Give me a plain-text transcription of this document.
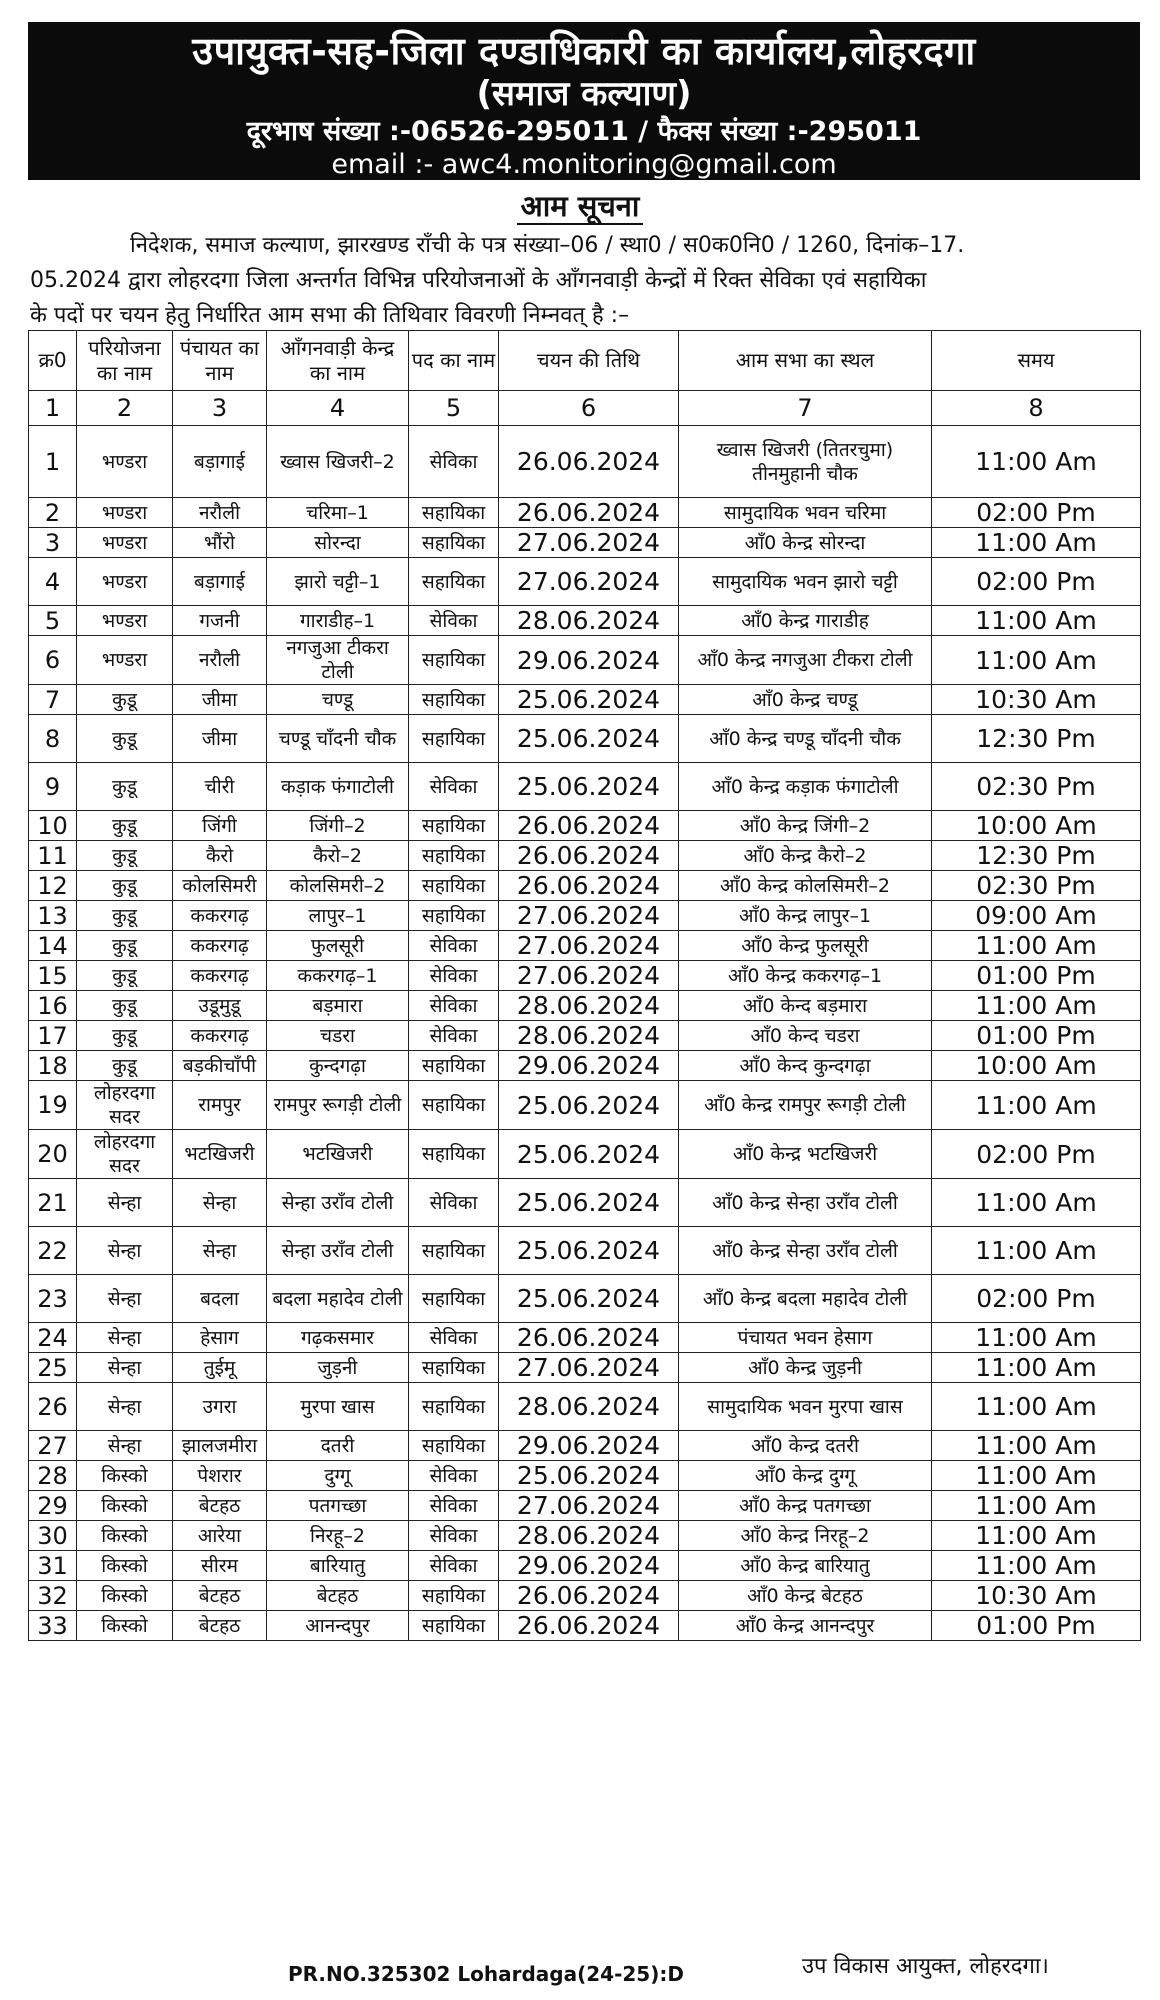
उपायुक्त-सह-जिला दण्डाधिकारी का कार्यालय,लोहरदगा
(समाज कल्याण)
दूरभाष संख्या :-06526-295011 / फैक्स संख्या :-295011
email :- awc4.monitoring@gmail.com
आम सूचना
निदेशक, समाज कल्याण, झारखण्ड राँची के पत्र संख्या–06 / स्था0 / स0क0नि0 / 1260, दिनांक–17.
05.2024 द्वारा लोहरदगा जिला अन्तर्गत विभिन्न परियोजनाओं के आँगनवाड़ी केन्द्रों में रिक्त सेविका एवं सहायिका
के पदों पर चयन हेतु निर्धारित आम सभा की तिथिवार विवरणी निम्नवत् है :–
क्र0	परियोजना का नाम	पंचायत का नाम	आँगनवाड़ी केन्द्र का नाम	पद का नाम	चयन की तिथि	आम सभा का स्थल	समय
1	2	3	4	5	6	7	8
1	भण्डरा	बड़ागाई	ख्वास खिजरी–2	सेविका	26.06.2024	ख्वास खिजरी (तितरचुमा) तीनमुहानी चौक	11:00 Am
2	भण्डरा	नरौली	चरिमा–1	सहायिका	26.06.2024	सामुदायिक भवन चरिमा	02:00 Pm
3	भण्डरा	भौंरो	सोरन्दा	सहायिका	27.06.2024	आँ0 केन्द्र सोरन्दा	11:00 Am
4	भण्डरा	बड़ागाई	झारो चट्टी–1	सहायिका	27.06.2024	सामुदायिक भवन झारो चट्टी	02:00 Pm
5	भण्डरा	गजनी	गाराडीह–1	सेविका	28.06.2024	आँ0 केन्द्र गाराडीह	11:00 Am
6	भण्डरा	नरौली	नगजुआ टीकरा टोली	सहायिका	29.06.2024	आँ0 केन्द्र नगजुआ टीकरा टोली	11:00 Am
7	कुडू	जीमा	चण्डू	सहायिका	25.06.2024	आँ0 केन्द्र चण्डू	10:30 Am
8	कुडू	जीमा	चण्डू चाँदनी चौक	सहायिका	25.06.2024	आँ0 केन्द्र चण्डू चाँदनी चौक	12:30 Pm
9	कुडू	चीरी	कड़ाक फंगाटोली	सेविका	25.06.2024	आँ0 केन्द्र कड़ाक फंगाटोली	02:30 Pm
10	कुडू	जिंगी	जिंगी–2	सहायिका	26.06.2024	आँ0 केन्द्र जिंगी–2	10:00 Am
11	कुडू	कैरो	कैरो–2	सहायिका	26.06.2024	आँ0 केन्द्र कैरो–2	12:30 Pm
12	कुडू	कोलसिमरी	कोलसिमरी–2	सहायिका	26.06.2024	आँ0 केन्द्र कोलसिमरी–2	02:30 Pm
13	कुडू	ककरगढ़	लापुर–1	सहायिका	27.06.2024	आँ0 केन्द्र लापुर–1	09:00 Am
14	कुडू	ककरगढ़	फुलसूरी	सेविका	27.06.2024	आँ0 केन्द्र फुलसूरी	11:00 Am
15	कुडू	ककरगढ़	ककरगढ़–1	सेविका	27.06.2024	आँ0 केन्द्र ककरगढ़–1	01:00 Pm
16	कुडू	उडूमुडू	बड़मारा	सेविका	28.06.2024	आँ0 केन्द बड़मारा	11:00 Am
17	कुडू	ककरगढ़	चडरा	सेविका	28.06.2024	आँ0 केन्द चडरा	01:00 Pm
18	कुडू	बड़कीचाँपी	कुन्दगढ़ा	सहायिका	29.06.2024	आँ0 केन्द कुन्दगढ़ा	10:00 Am
19	लोहरदगा सदर	रामपुर	रामपुर रूगड़ी टोली	सहायिका	25.06.2024	आँ0 केन्द्र रामपुर रूगड़ी टोली	11:00 Am
20	लोहरदगा सदर	भटखिजरी	भटखिजरी	सहायिका	25.06.2024	आँ0 केन्द्र भटखिजरी	02:00 Pm
21	सेन्हा	सेन्हा	सेन्हा उराँव टोली	सेविका	25.06.2024	आँ0 केन्द्र सेन्हा उराँव टोली	11:00 Am
22	सेन्हा	सेन्हा	सेन्हा उराँव टोली	सहायिका	25.06.2024	आँ0 केन्द्र सेन्हा उराँव टोली	11:00 Am
23	सेन्हा	बदला	बदला महादेव टोली	सहायिका	25.06.2024	आँ0 केन्द्र बदला महादेव टोली	02:00 Pm
24	सेन्हा	हेसाग	गढ़कसमार	सेविका	26.06.2024	पंचायत भवन हेसाग	11:00 Am
25	सेन्हा	तुईमू	जुड़नी	सहायिका	27.06.2024	आँ0 केन्द्र जुड़नी	11:00 Am
26	सेन्हा	उगरा	मुरपा खास	सहायिका	28.06.2024	सामुदायिक भवन मुरपा खास	11:00 Am
27	सेन्हा	झालजमीरा	दतरी	सहायिका	29.06.2024	आँ0 केन्द्र दतरी	11:00 Am
28	किस्को	पेशरार	दुग्गू	सेविका	25.06.2024	आँ0 केन्द्र दुग्गू	11:00 Am
29	किस्को	बेटहठ	पतगच्छा	सेविका	27.06.2024	आँ0 केन्द्र पतगच्छा	11:00 Am
30	किस्को	आरेया	निरहू–2	सेविका	28.06.2024	आँ0 केन्द्र निरहू–2	11:00 Am
31	किस्को	सीरम	बारियातु	सेविका	29.06.2024	आँ0 केन्द्र बारियातु	11:00 Am
32	किस्को	बेटहठ	बेटहठ	सहायिका	26.06.2024	आँ0 केन्द्र बेटहठ	10:30 Am
33	किस्को	बेटहठ	आनन्दपुर	सहायिका	26.06.2024	आँ0 केन्द्र आनन्दपुर	01:00 Pm
PR.NO.325302 Lohardaga(24-25):D	उप विकास आयुक्त, लोहरदगा।
